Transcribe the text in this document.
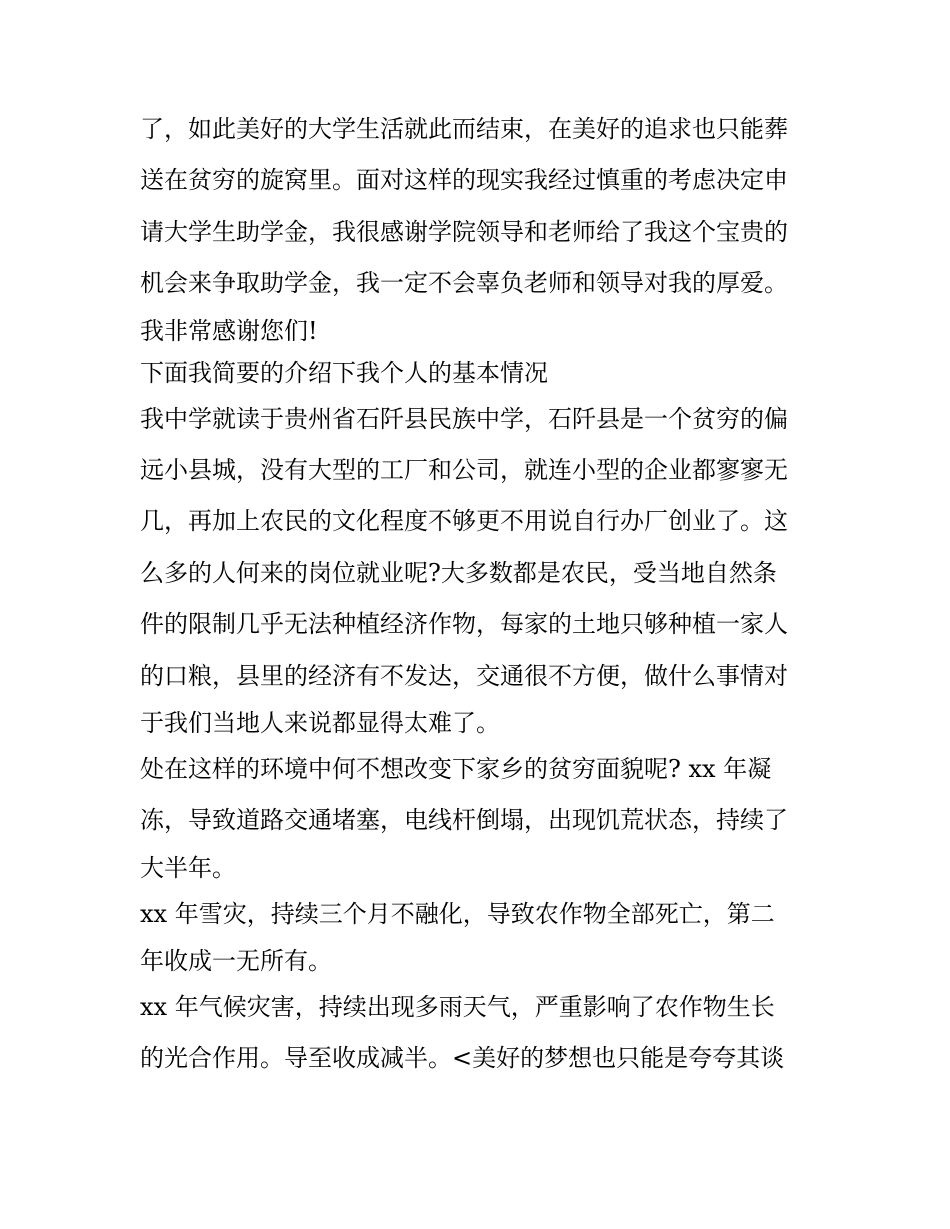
了，如此美好的大学生活就此而结束，在美好的追求也只能葬
送在贫穷的旋窝里。面对这样的现实我经过慎重的考虑决定申
请大学生助学金，我很感谢学院领导和老师给了我这个宝贵的
机会来争取助学金，我一定不会辜负老师和领导对我的厚爱。
我非常感谢您们!
下面我简要的介绍下我个人的基本情况
我中学就读于贵州省石阡县民族中学，石阡县是一个贫穷的偏
远小县城，没有大型的工厂和公司，就连小型的企业都寥寥无
几，再加上农民的文化程度不够更不用说自行办厂创业了。这
么多的人何来的岗位就业呢?大多数都是农民，受当地自然条
件的限制几乎无法种植经济作物，每家的土地只够种植一家人
的口粮，县里的经济有不发达，交通很不方便，做什么事情对
于我们当地人来说都显得太难了。
处在这样的环境中何不想改变下家乡的贫穷面貌呢? xx 年凝
冻，导致道路交通堵塞，电线杆倒塌，出现饥荒状态，持续了
大半年。
xx 年雪灾，持续三个月不融化，导致农作物全部死亡，第二
年收成一无所有。
xx 年气候灾害，持续出现多雨天气，严重影响了农作物生长
的光合作用。导至收成减半。<美好的梦想也只能是夸夸其谈
